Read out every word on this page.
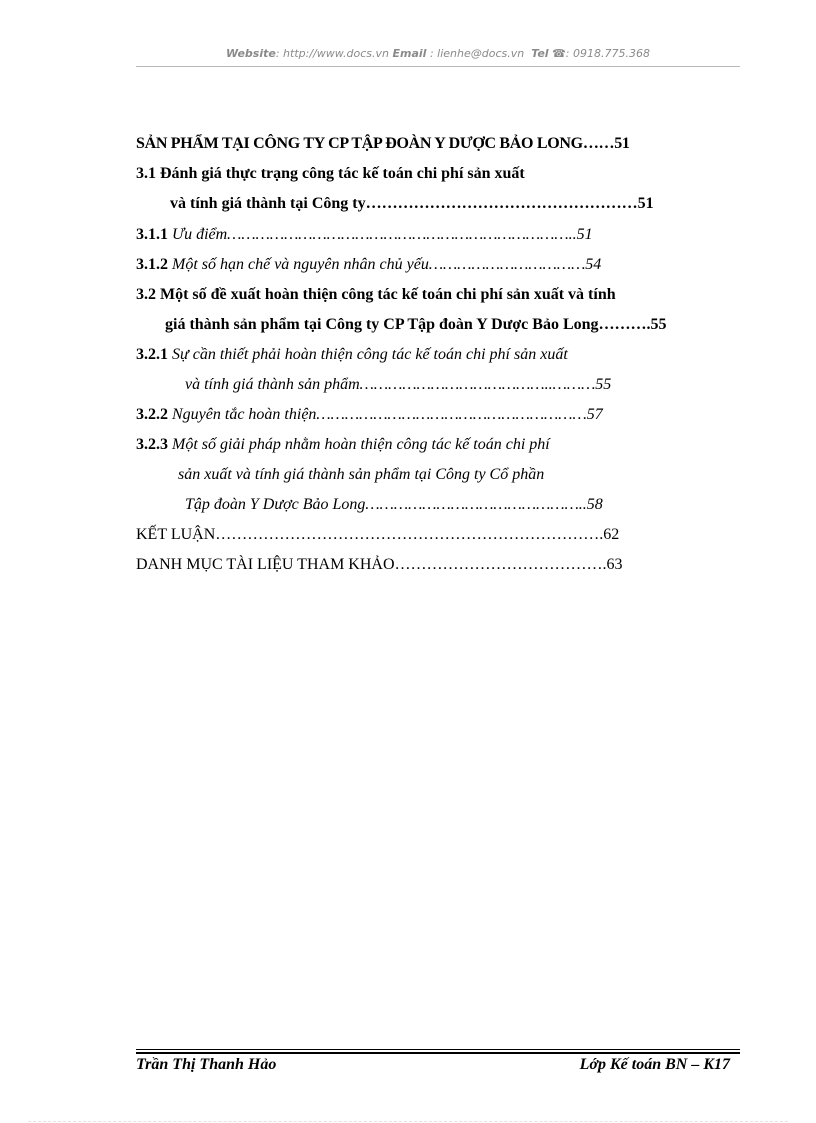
Website: http://www.docs.vn Email : lienhe@docs.vn Tel ☎: 0918.775.368
SẢN PHẨM TẠI CÔNG TY CP TẬP ĐOÀN Y DƯỢC BẢO LONG……51
3.1 Đánh giá thực trạng công tác kế toán chi phí sản xuất
và tính giá thành tại Công ty……………………………………………51
3.1.1 Ưu điểm………………………………………………………………..51
3.1.2 Một số hạn chế và nguyên nhân chủ yếu……………………………54
3.2 Một số đề xuất hoàn thiện công tác kế toán chi phí sản xuất và tính
giá thành sản phẩm tại Công ty CP Tập đoàn Y Dược Bảo Long……….55
3.2.1 Sự cần thiết phải hoàn thiện công tác kế toán chi phí sản xuất
và tính giá thành sản phẩm…………………………………..………55
3.2.2 Nguyên tắc hoàn thiện…………………………………………………57
3.2.3 Một số giải pháp nhằm hoàn thiện công tác kế toán chi phí
sản xuất và tính giá thành sản phẩm tại Công ty Cổ phần
Tập đoàn Y Dược Bảo Long………………………………………..58
KẾT LUẬN……………………………………………………………….62
DANH MỤC TÀI LIỆU THAM KHẢO………………………………….63
Trần Thị Thanh Hảo	Lớp Kế toán BN – K17
